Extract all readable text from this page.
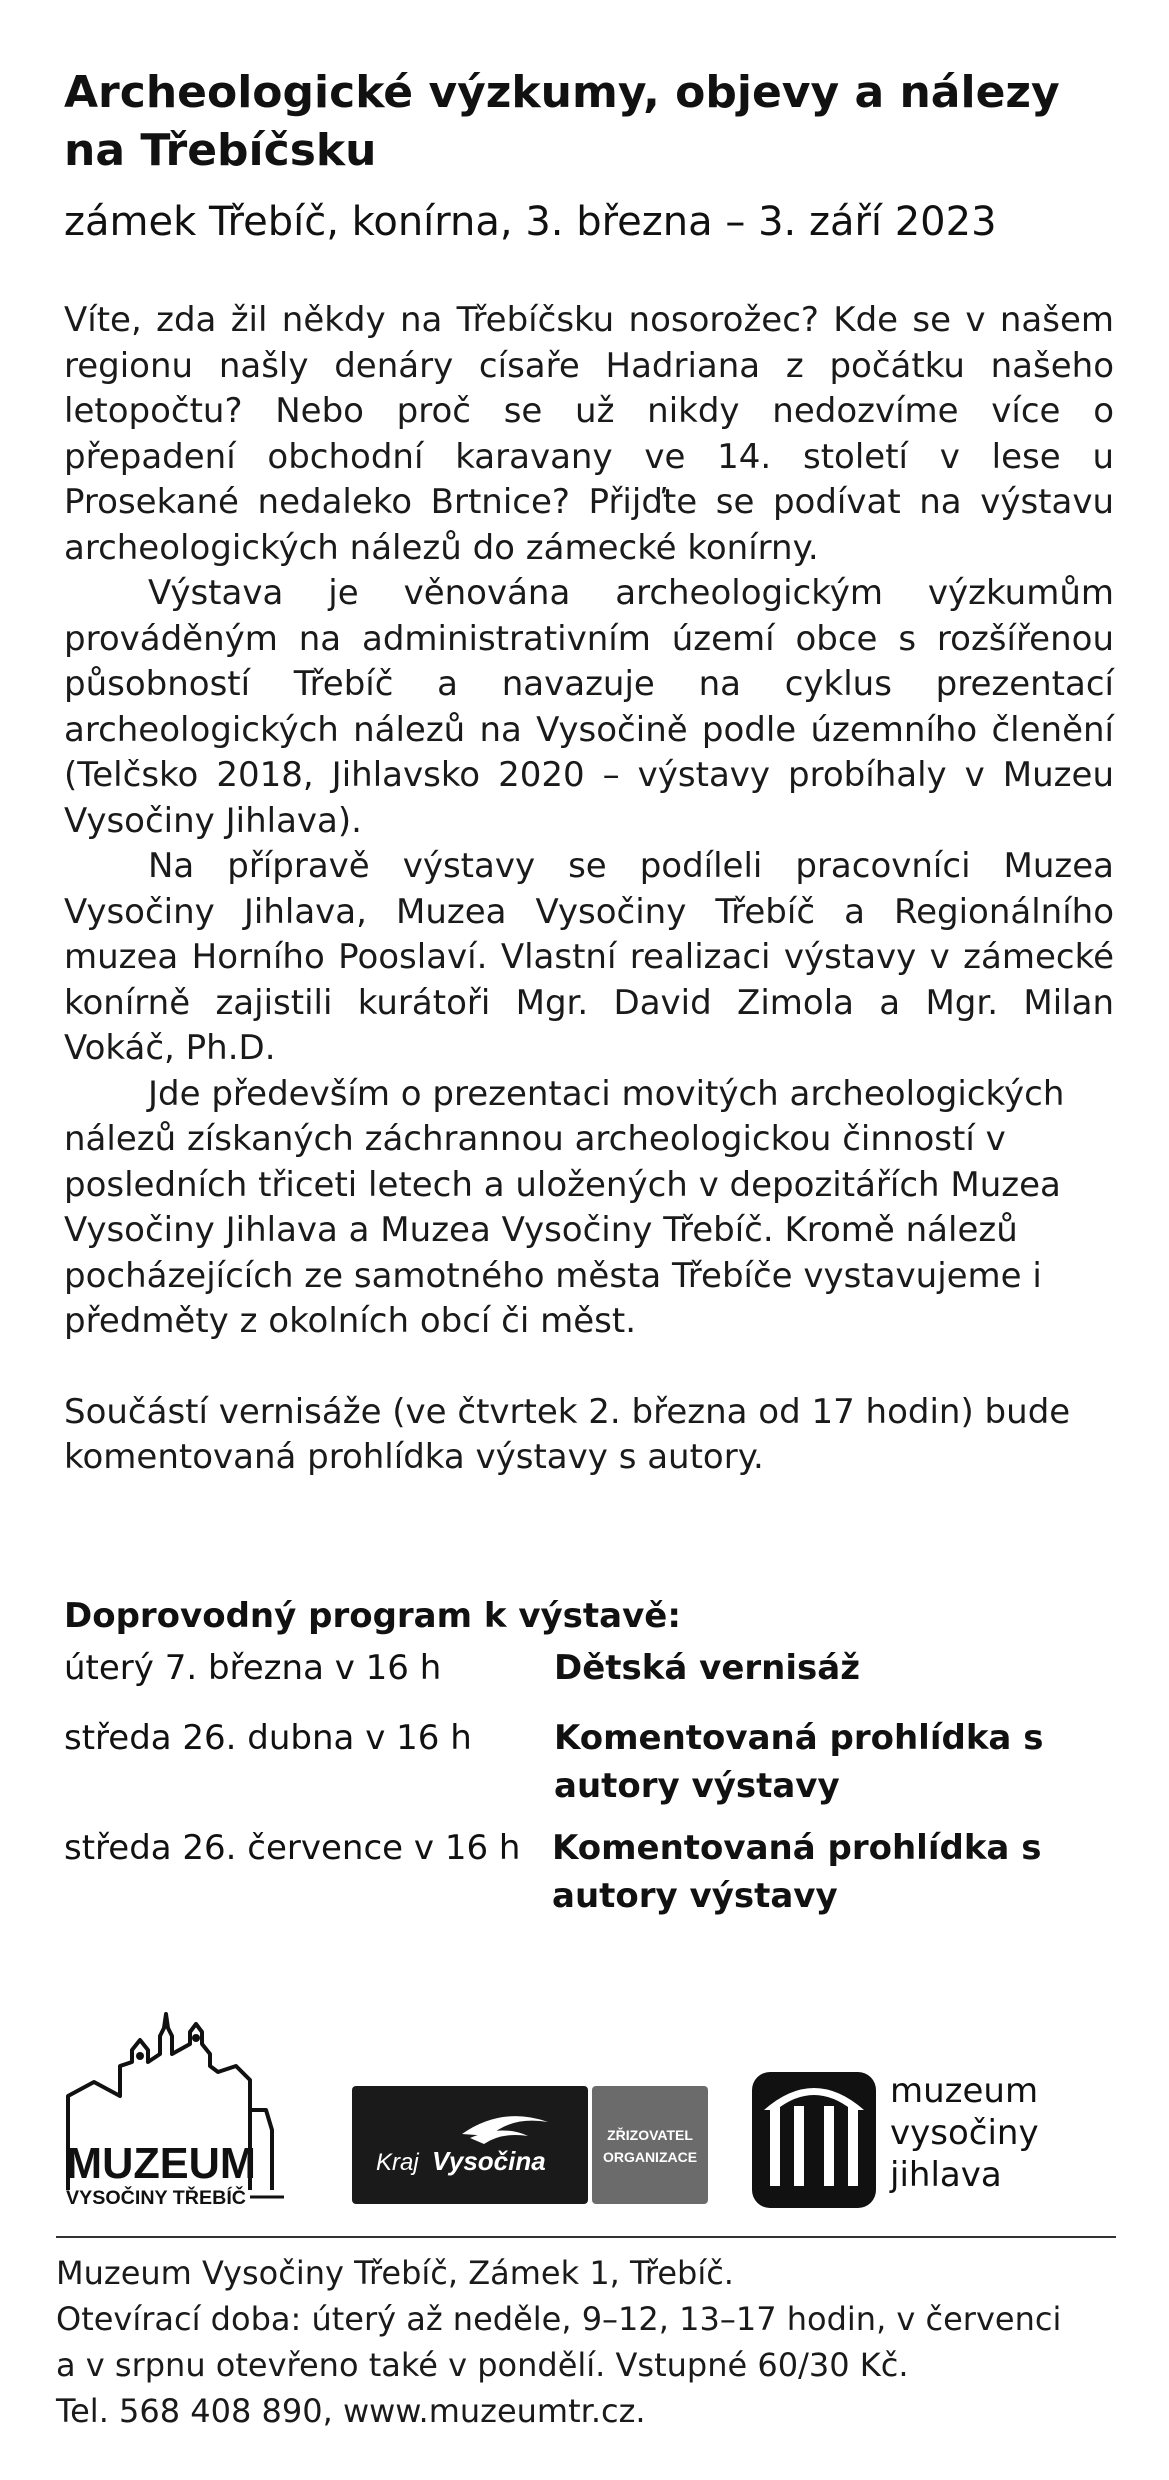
Archeologické výzkumy, objevy a nálezy na Třebíčsku
zámek Třebíč, konírna, 3. března – 3. září 2023

Víte, zda žil někdy na Třebíčsku nosorožec? Kde se v našem regionu našly denáry císaře Hadriana z počátku našeho letopočtu? Nebo proč se už nikdy nedozvíme více o přepadení obchodní karavany ve 14. století v lese u Prosekané nedaleko Brtnice? Přijďte se podívat na výstavu archeologických nálezů do zámecké konírny.

Výstava je věnována archeologickým výzkumům prováděným na administrativním území obce s rozšířenou působností Třebíč a navazuje na cyklus prezentací archeologických nálezů na Vysočině podle územního členění (Telčsko 2018, Jihlavsko 2020 – výstavy probíhaly v Muzeu Vysočiny Jihlava).

Na přípravě výstavy se podíleli pracovníci Muzea Vysočiny Jihlava, Muzea Vysočiny Třebíč a Regionálního muzea Horního Pooslaví. Vlastní realizaci výstavy v zámecké konírně zajistili kurátoři Mgr. David Zimola a Mgr. Milan Vokáč, Ph.D.

Jde především o prezentaci movitých archeologických nálezů získaných záchrannou archeologickou činností v posledních třiceti letech a uložených v depozitářích Muzea Vysočiny Jihlava a Muzea Vysočiny Třebíč. Kromě nálezů pocházejících ze samotného města Třebíče vystavujeme i předměty z okolních obcí či měst.

Součástí vernisáže (ve čtvrtek 2. března od 17 hodin) bude komentovaná prohlídka výstavy s autory.

Doprovodný program k výstavě:

úterý 7. března v 16 h	Dětská vernisáž
středa 26. dubna v 16 h Komentovaná prohlídka s autory výstavy
středa 26. července v 16 h Komentovaná prohlídka s autory výstavy
MUZEUM
VYSOČINY TŘEBÍČ
Kraj Vysočina
ZŘIZOVATEL
ORGANIZACE
muzeum
vysočiny
jihlava
Muzeum Vysočiny Třebíč, Zámek 1, Třebíč.
Otevírací doba: úterý až neděle, 9–12, 13–17 hodin, v červenci
a v srpnu otevřeno také v pondělí. Vstupné 60/30 Kč.
Tel. 568 408 890, www.muzeumtr.cz.
